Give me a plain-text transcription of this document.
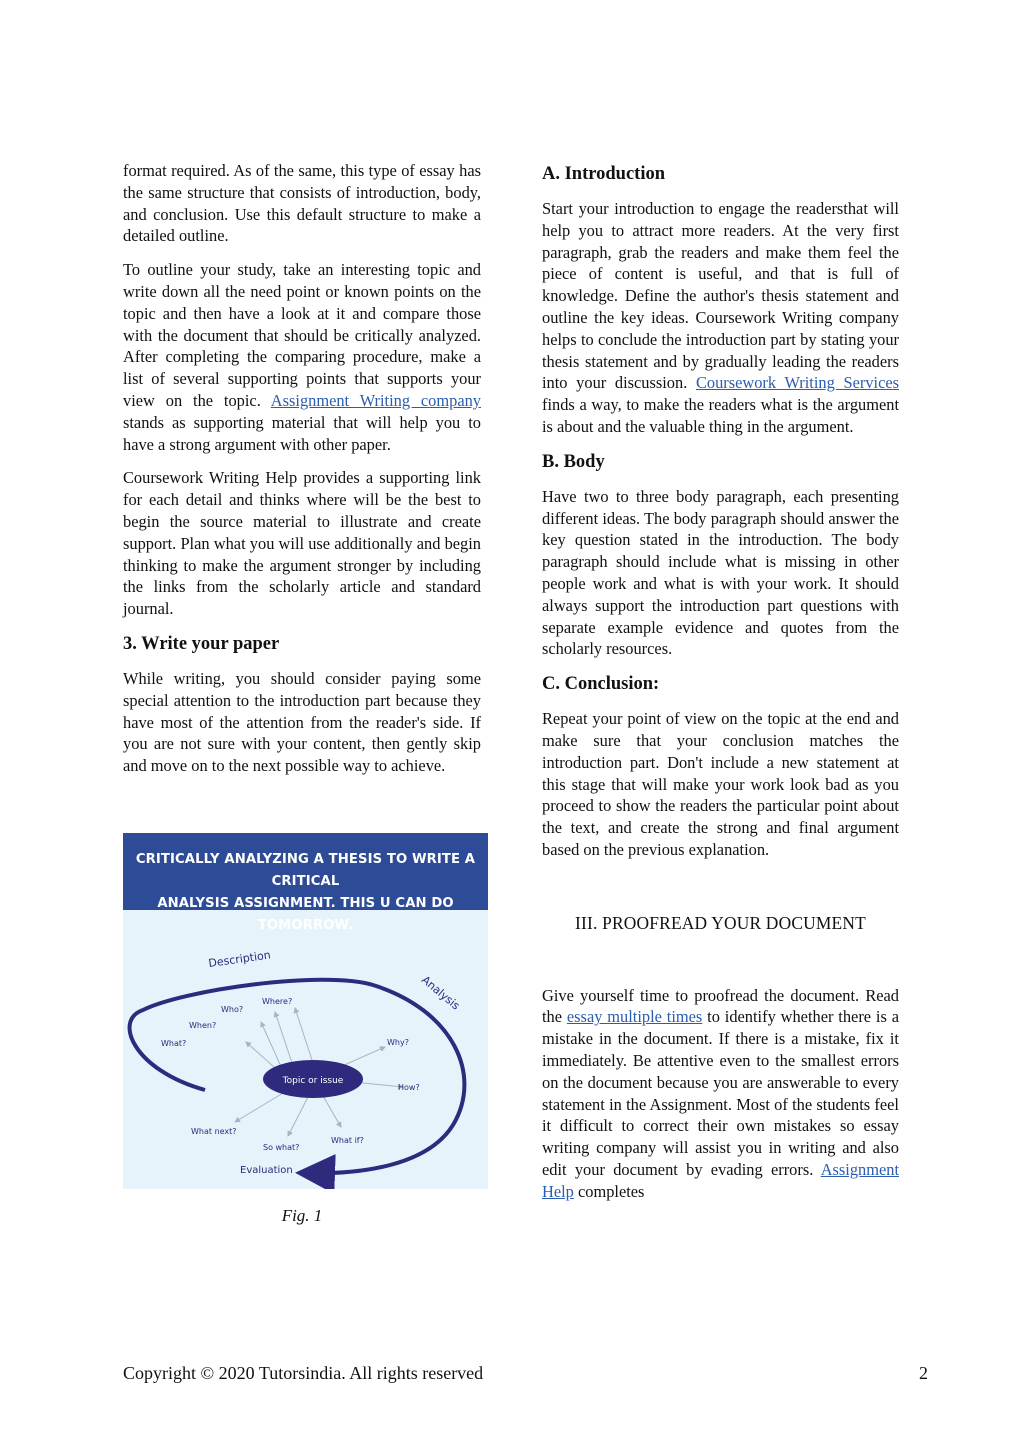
format required. As of the same, this type of essay has the same structure that consists of introduction, body, and conclusion. Use this default structure to make a detailed outline.

To outline your study, take an interesting topic and write down all the need point or known points on the topic and then have a look at it and compare those with the document that should be critically analyzed. After completing the comparing procedure, make a list of several supporting points that supports your view on the topic. Assignment Writing company stands as supporting material that will help you to have a strong argument with other paper.

Coursework Writing Help provides a supporting link for each detail and thinks where will be the best to begin the source material to illustrate and create support. Plan what you will use additionally and begin thinking to make the argument stronger by including the links from the scholarly article and standard journal.

3. Write your paper

While writing, you should consider paying some special attention to the introduction part because they have most of the attention from the reader's side. If you are not sure with your content, then gently skip and move on to the next possible way to achieve.

CRITICALLY ANALYZING A THESIS TO WRITE A CRITICAL
ANALYSIS ASSIGNMENT. THIS U CAN DO TOMORROW.
Topic or issue
Description
Analysis
Evaluation
Who?
Where?
When?
What?	Why?
How?
What next?
So what?
What if?
Fig. 1
A. Introduction

Start your introduction to engage the readersthat will help you to attract more readers. At the very first paragraph, grab the readers and make them feel the piece of content is useful, and that is full of knowledge. Define the author's thesis statement and outline the key ideas. Coursework Writing company helps to conclude the introduction part by stating your thesis statement and by gradually leading the readers into your discussion. Coursework Writing Services finds a way, to make the readers what is the argument is about and the valuable thing in the argument.

B. Body

Have two to three body paragraph, each presenting different ideas. The body paragraph should answer the key question stated in the introduction. The body paragraph should include what is missing in other people work and what is with your work. It should always support the introduction part questions with separate example evidence and quotes from the scholarly resources.

C. Conclusion:

Repeat your point of view on the topic at the end and make sure that your conclusion matches the introduction part. Don't include a new statement at this stage that will make your work look bad as you proceed to show the readers the particular point about the text, and create the strong and final argument based on the previous explanation.

III. PROOFREAD YOUR DOCUMENT

Give yourself time to proofread the document. Read the essay multiple times to identify whether there is a mistake in the document. If there is a mistake, fix it immediately. Be attentive even to the smallest errors on the document because you are answerable to every statement in the Assignment. Most of the students feel it difficult to correct their own mistakes so essay writing company will assist you in writing and also edit your document by evading errors. Assignment Help completes

Copyright © 2020 Tutorsindia. All rights reserved	2
